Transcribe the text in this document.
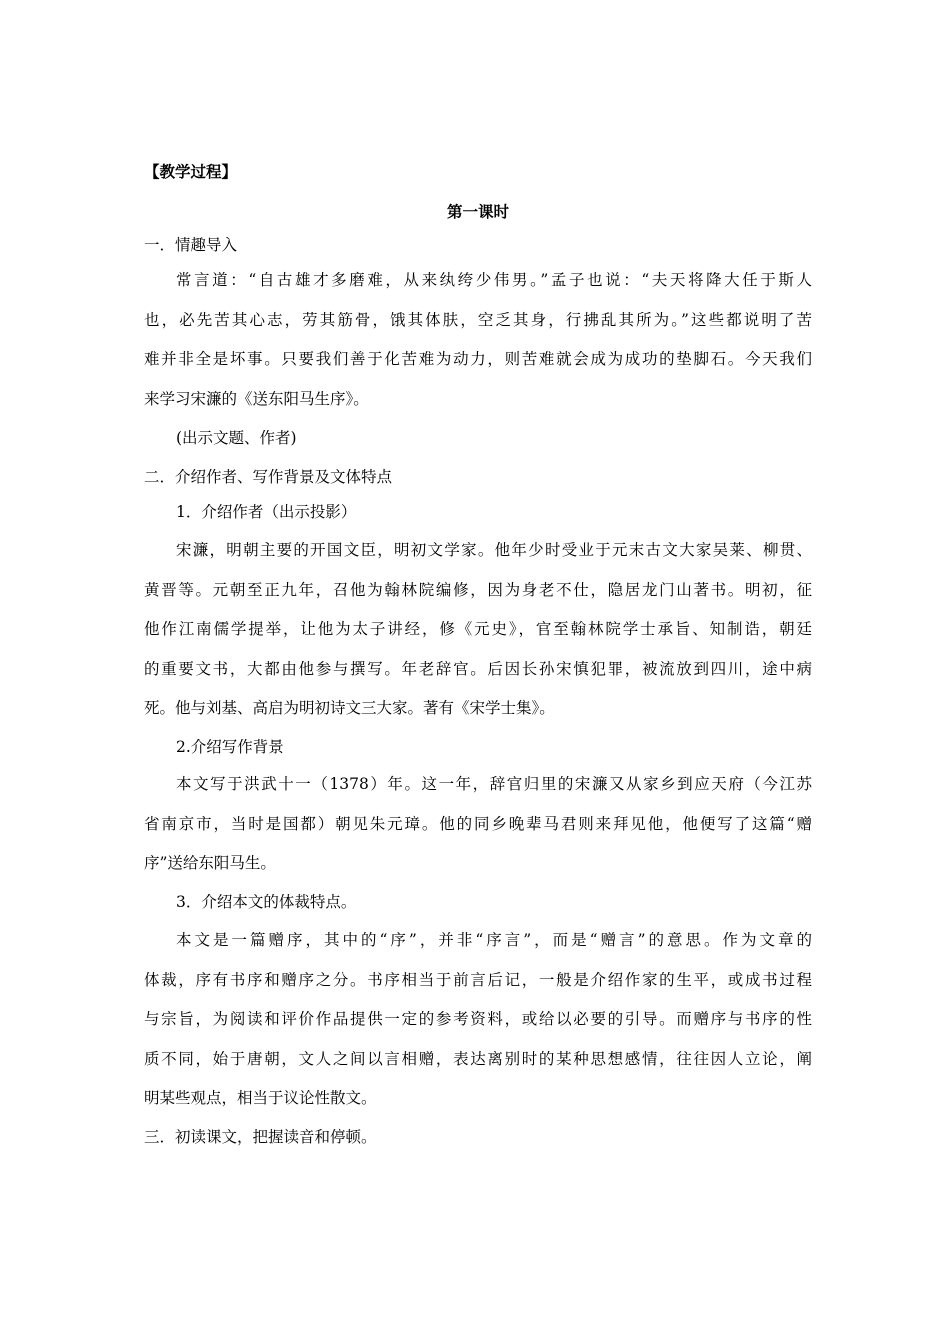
【教学过程】
第一课时
一．情趣导入
常言道：“自古雄才多磨难，从来纨绔少伟男。”孟子也说：“夫天将降大任于斯人
也，必先苦其心志，劳其筋骨，饿其体肤，空乏其身，行拂乱其所为。”这些都说明了苦
难并非全是坏事。只要我们善于化苦难为动力，则苦难就会成为成功的垫脚石。今天我们
来学习宋濂的《送东阳马生序》。
(出示文题、作者)
二．介绍作者、写作背景及文体特点
1．介绍作者（出示投影）
宋濂，明朝主要的开国文臣，明初文学家。他年少时受业于元末古文大家吴莱、柳贯、
黄晋等。元朝至正九年，召他为翰林院编修，因为身老不仕，隐居龙门山著书。明初，征
他作江南儒学提举，让他为太子讲经，修《元史》，官至翰林院学士承旨、知制诰，朝廷
的重要文书，大都由他参与撰写。年老辞官。后因长孙宋慎犯罪，被流放到四川，途中病
死。他与刘基、高启为明初诗文三大家。著有《宋学士集》。
2.介绍写作背景
本文写于洪武十一（1378）年。这一年，辞官归里的宋濂又从家乡到应天府（今江苏
省南京市，当时是国都）朝见朱元璋。他的同乡晚辈马君则来拜见他，他便写了这篇“赠
序”送给东阳马生。
3．介绍本文的体裁特点。
本文是一篇赠序，其中的“序”，并非“序言”，而是“赠言”的意思。作为文章的
体裁，序有书序和赠序之分。书序相当于前言后记，一般是介绍作家的生平，或成书过程
与宗旨，为阅读和评价作品提供一定的参考资料，或给以必要的引导。而赠序与书序的性
质不同，始于唐朝，文人之间以言相赠，表达离别时的某种思想感情，往往因人立论，阐
明某些观点，相当于议论性散文。
三．初读课文，把握读音和停顿。
